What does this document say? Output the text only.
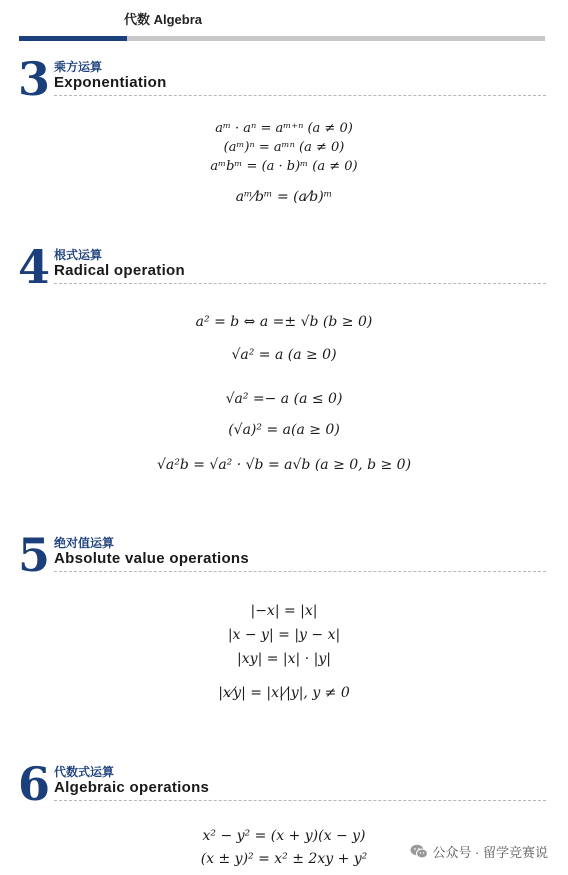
代数 Algebra
3 乘方运算
Exponentiation
aᵐ · aⁿ = aᵐ⁺ⁿ (a ≠ 0)
(aᵐ)ⁿ = aᵐⁿ (a ≠ 0)
aᵐbᵐ = (a · b)ᵐ (a ≠ 0)
aᵐ⁄bᵐ = (a⁄b)ᵐ
4 根式运算
Radical operation
a² = b ⇔ a =± √b (b ≥ 0)
√a² = a (a ≥ 0)
√a² =− a (a ≤ 0)
(√a)² = a(a ≥ 0)
√a²b = √a² · √b = a√b (a ≥ 0, b ≥ 0)
5 绝对值运算
Absolute value operations
|−x| = |x|
|x − y| = |y − x|
|xy| = |x| · |y|
|x⁄y| = |x|⁄|y|, y ≠ 0
6 代数式运算
Algebraic operations
x² − y² = (x + y)(x − y)
(x ± y)² = x² ± 2xy + y²	公众号 · 留学竞赛说
